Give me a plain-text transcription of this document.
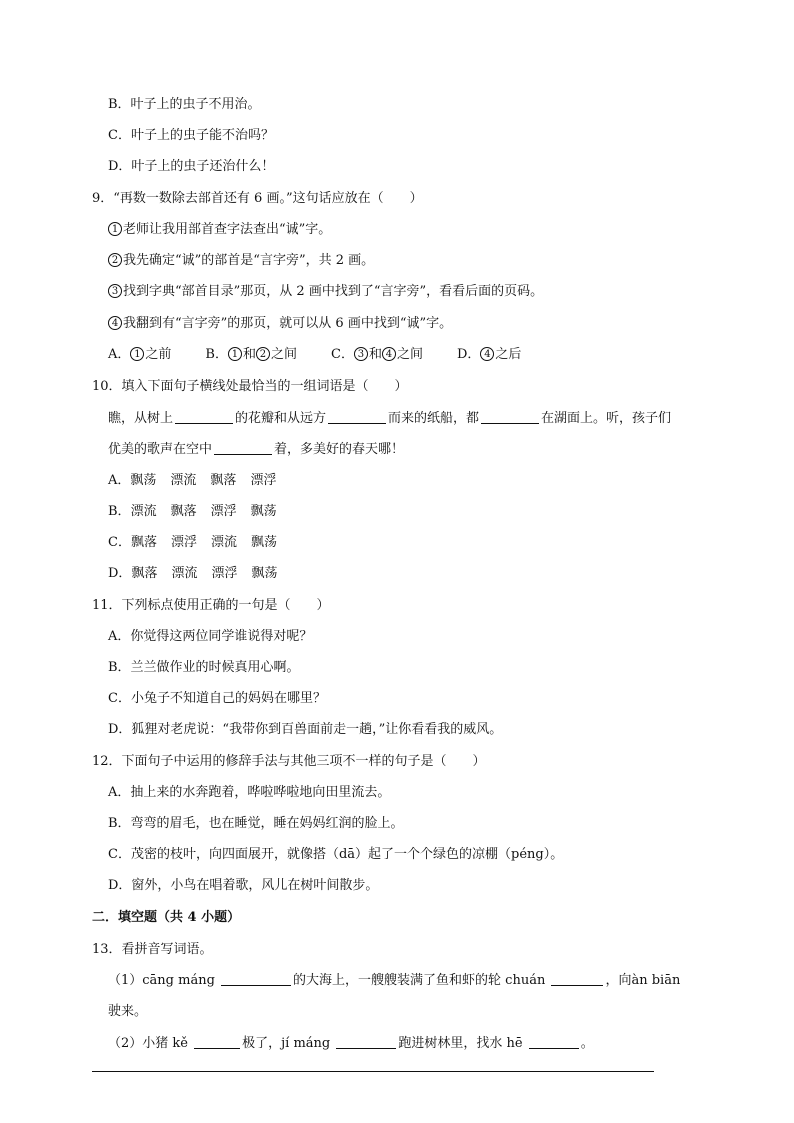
B．叶子上的虫子不用治。
C．叶子上的虫子能不治吗？
D．叶子上的虫子还治什么！
9．“再数一数除去部首还有 6 画。”这句话应放在（　　）
1 老师让我用部首查字法查出“诚”字。
2 我先确定“诚”的部首是“言字旁”，共 2 画。
3 找到字典“部首目录”那页，从 2 画中找到了“言字旁”，看看后面的页码。
4 我翻到有“言字旁”的那页，就可以从 6 画中找到“诚”字。
A． 1 之前	B． 1 和 2 之间	C． 3 和 4 之间	D． 4 之后
10．填入下面句子横线处最恰当的一组词语是（　　）
瞧，从树上	的花瓣和从远方	而来的纸船，都	在湖面上。听，孩子们
优美的歌声在空中	着，多美好的春天哪！
A．飘荡 漂流 飘落 漂浮
B．漂流 飘落 漂浮 飘荡
C．飘落 漂浮 漂流 飘荡
D．飘落 漂流 漂浮 飘荡
11．下列标点使用正确的一句是（　　）
A．你觉得这两位同学谁说得对呢？
B．兰兰做作业的时候真用心啊。
C．小兔子不知道自己的妈妈在哪里？
D．狐狸对老虎说：“我带你到百兽面前走一趟，”让你看看我的威风。
12．下面句子中运用的修辞手法与其他三项不一样的句子是（　　）
A．抽上来的水奔跑着，哗啦哗啦地向田里流去。
B．弯弯的眉毛，也在睡觉，睡在妈妈红润的脸上。
C．茂密的枝叶，向四面展开，就像搭（dā）起了一个个绿色的凉棚（péng）。
D．窗外，小鸟在唱着歌，风儿在树叶间散步。
二．填空题（共 4 小题）
13．看拼音写词语。
（1）cāng máng	的大海上，一艘艘装满了鱼和虾的轮 chuán	，向àn biān
驶来。
（2）小猪 kě	极了，jí máng	跑进树林里，找水 hē	。
